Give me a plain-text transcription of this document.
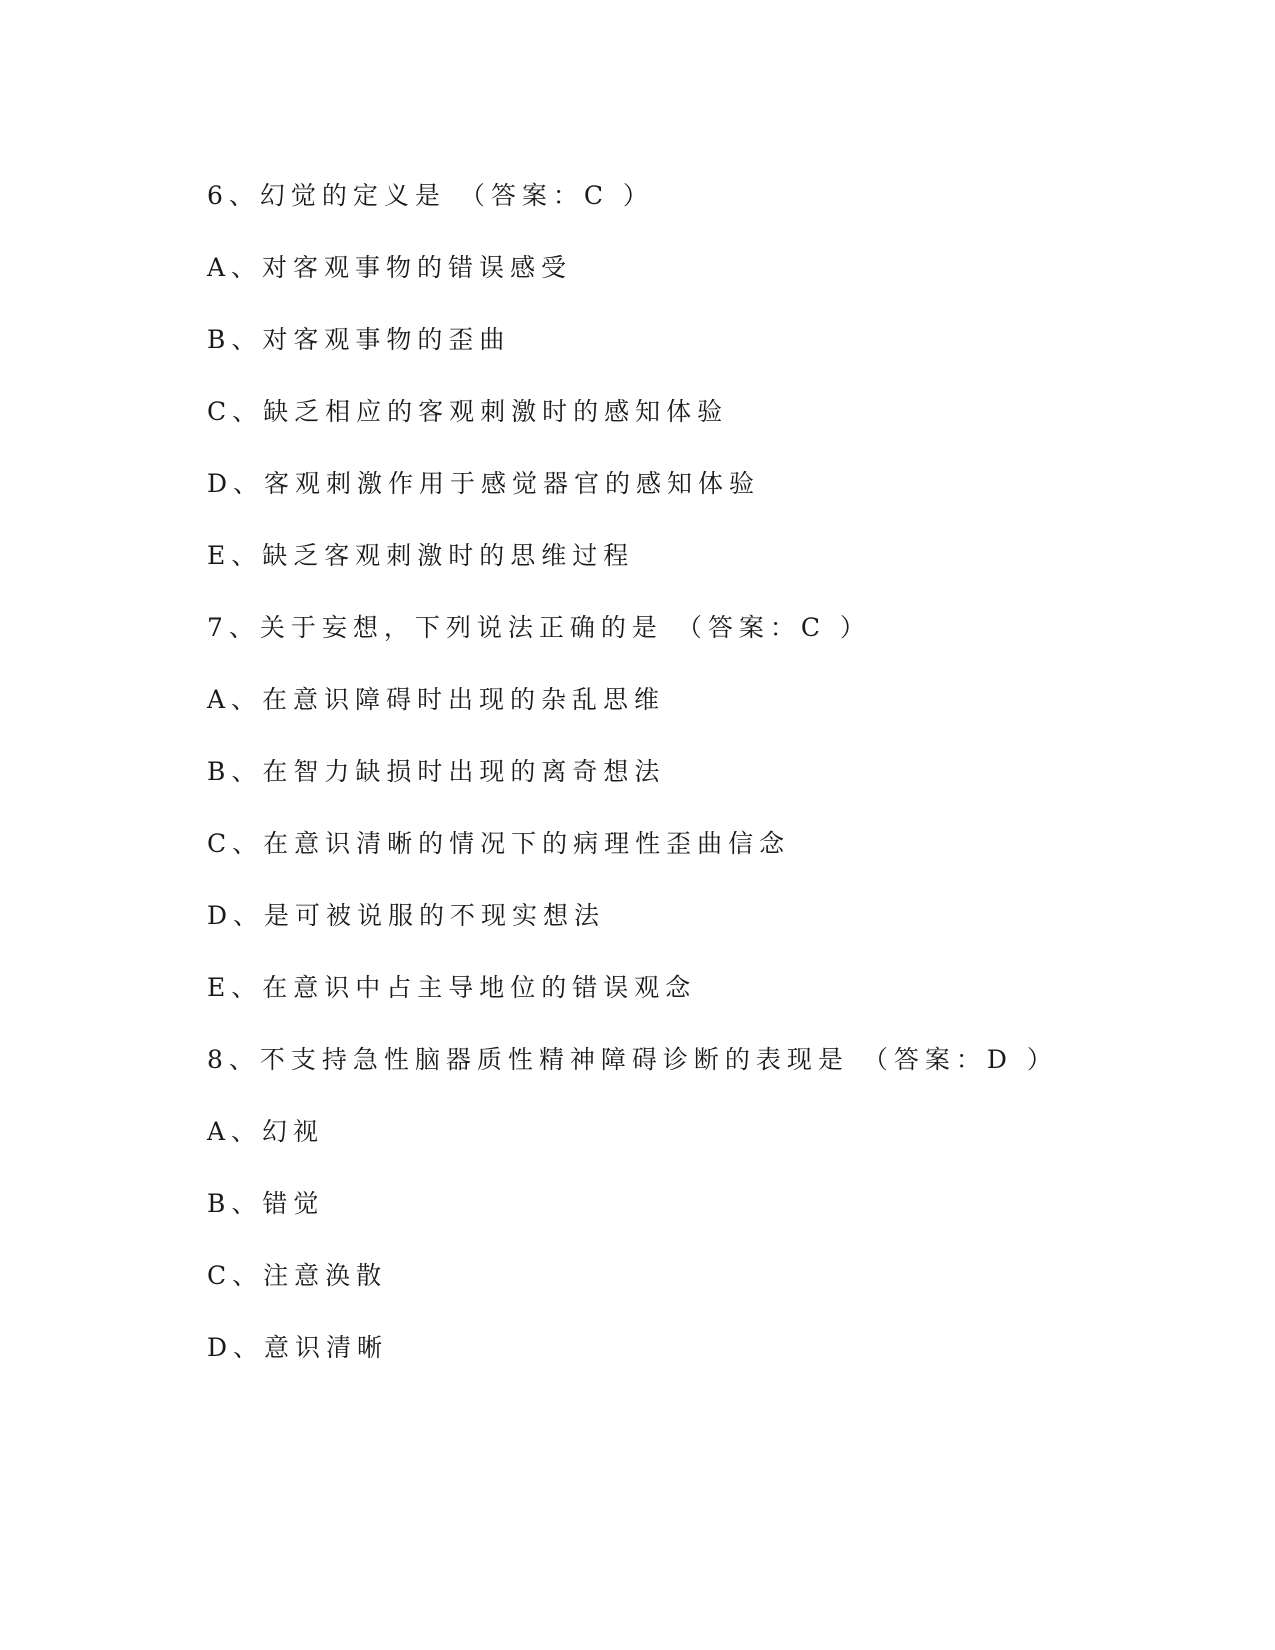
6、幻觉的定义是 （答案：C ）
A、对客观事物的错误感受
B、对客观事物的歪曲
C、缺乏相应的客观刺激时的感知体验
D、客观刺激作用于感觉器官的感知体验
E、缺乏客观刺激时的思维过程
7、关于妄想，下列说法正确的是 （答案：C ）
A、在意识障碍时出现的杂乱思维
B、在智力缺损时出现的离奇想法
C、在意识清晰的情况下的病理性歪曲信念
D、是可被说服的不现实想法
E、在意识中占主导地位的错误观念
8、不支持急性脑器质性精神障碍诊断的表现是 （答案：D ）
A、幻视
B、错觉
C、注意涣散
D、意识清晰
